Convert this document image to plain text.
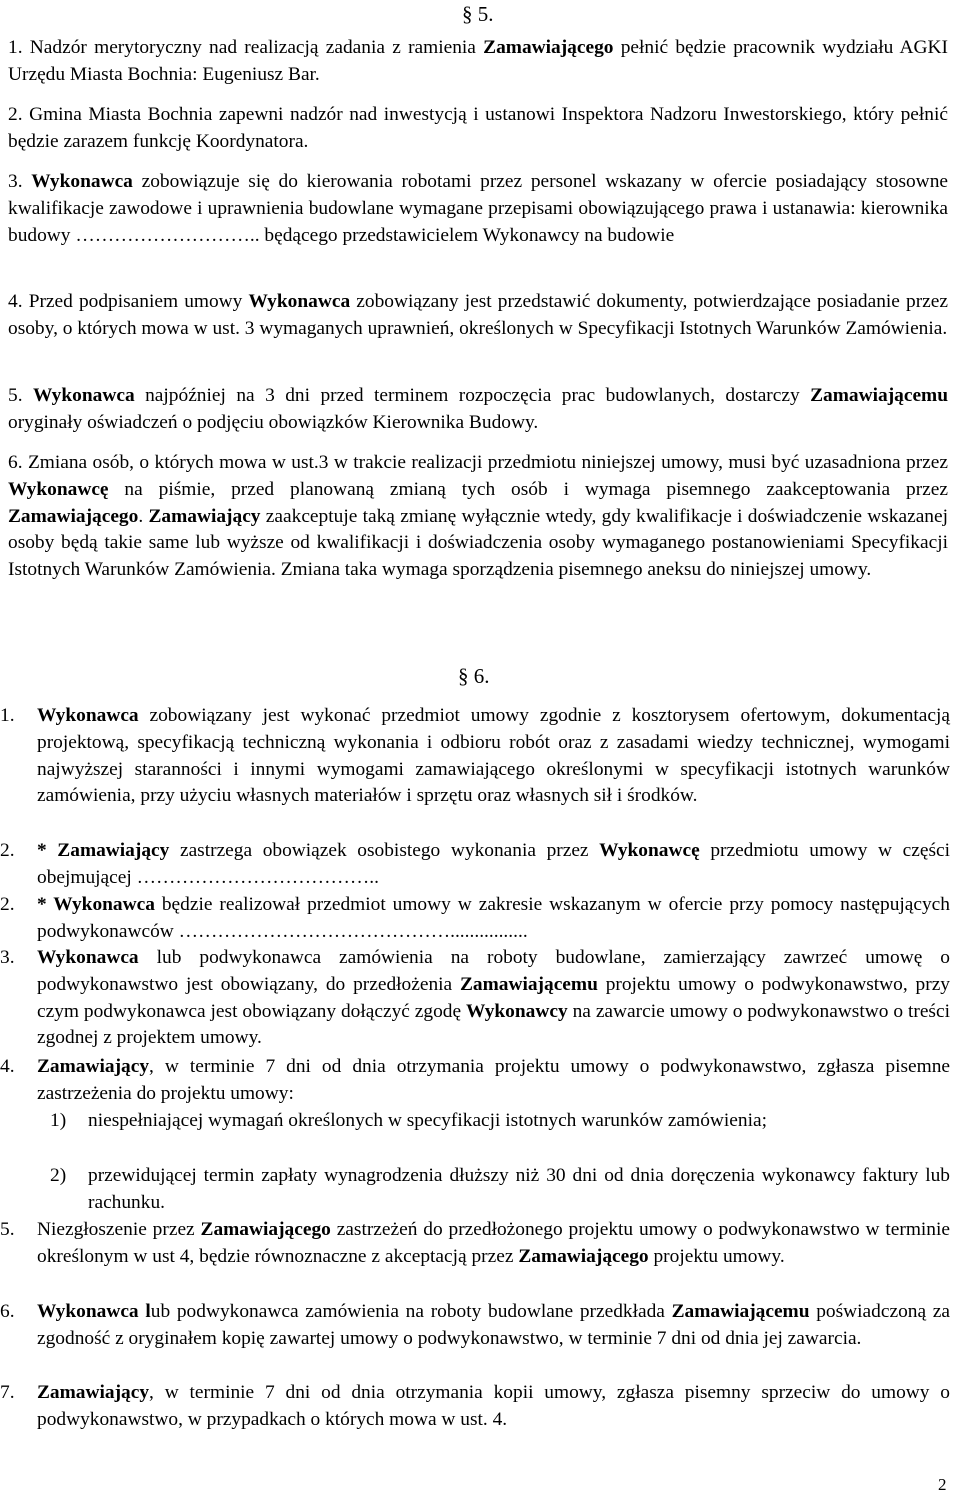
§ 5.
1. Nadzór merytoryczny nad realizacją zadania z ramienia Zamawiającego pełnić będzie pracownik wydziału AGKI Urzędu Miasta Bochnia: Eugeniusz Bar.
2. Gmina Miasta Bochnia zapewni nadzór nad inwestycją i ustanowi Inspektora Nadzoru Inwestorskiego, który pełnić będzie zarazem funkcję Koordynatora.
3. Wykonawca zobowiązuje się do kierowania robotami przez personel wskazany w ofercie posiadający stosowne kwalifikacje zawodowe i uprawnienia budowlane wymagane przepisami obowiązującego prawa i ustanawia: kierownika budowy ……………………….. będącego przedstawicielem Wykonawcy na budowie
4. Przed podpisaniem umowy Wykonawca zobowiązany jest przedstawić dokumenty, potwierdzające posiadanie przez osoby, o których mowa w ust. 3 wymaganych uprawnień, określonych w Specyfikacji Istotnych Warunków Zamówienia.
5. Wykonawca najpóźniej na 3 dni przed terminem rozpoczęcia prac budowlanych, dostarczy Zamawiającemu oryginały oświadczeń o podjęciu obowiązków Kierownika Budowy.
6. Zmiana osób, o których mowa w ust.3 w trakcie realizacji przedmiotu niniejszej umowy, musi być uzasadniona przez Wykonawcę na piśmie, przed planowaną zmianą tych osób i wymaga pisemnego zaakceptowania przez Zamawiającego. Zamawiający zaakceptuje taką zmianę wyłącznie wtedy, gdy kwalifikacje i doświadczenie wskazanej osoby będą takie same lub wyższe od kwalifikacji i doświadczenia osoby wymaganego postanowieniami Specyfikacji Istotnych Warunków Zamówienia. Zmiana taka wymaga sporządzenia pisemnego aneksu do niniejszej umowy.
§ 6.
1. Wykonawca zobowiązany jest wykonać przedmiot umowy zgodnie z kosztorysem ofertowym, dokumentacją projektową, specyfikacją techniczną wykonania i odbioru robót oraz z zasadami wiedzy technicznej, wymogami najwyższej staranności i innymi wymogami zamawiającego określonymi w specyfikacji istotnych warunków zamówienia, przy użyciu własnych materiałów i sprzętu oraz własnych sił i środków.
2. * Zamawiający zastrzega obowiązek osobistego wykonania przez Wykonawcę przedmiotu umowy w części obejmującej ………………………………..
2. * Wykonawca będzie realizował przedmiot umowy w zakresie wskazanym w ofercie przy pomocy następujących podwykonawców ……………………………………................
3. Wykonawca lub podwykonawca zamówienia na roboty budowlane, zamierzający zawrzeć umowę o podwykonawstwo jest obowiązany, do przedłożenia Zamawiającemu projektu umowy o podwykonawstwo, przy czym podwykonawca jest obowiązany dołączyć zgodę Wykonawcy na zawarcie umowy o podwykonawstwo o treści zgodnej z projektem umowy.
4. Zamawiający, w terminie 7 dni od dnia otrzymania projektu umowy o podwykonawstwo, zgłasza pisemne zastrzeżenia do projektu umowy:
1) niespełniającej wymagań określonych w specyfikacji istotnych warunków zamówienia;
2) przewidującej termin zapłaty wynagrodzenia dłuższy niż 30 dni od dnia doręczenia wykonawcy faktury lub rachunku.
5. Niezgłoszenie przez Zamawiającego zastrzeżeń do przedłożonego projektu umowy o podwykonawstwo w terminie określonym w ust 4, będzie równoznaczne z akceptacją przez Zamawiającego projektu umowy.
6. Wykonawca lub podwykonawca zamówienia na roboty budowlane przedkłada Zamawiającemu poświadczoną za zgodność z oryginałem kopię zawartej umowy o podwykonawstwo, w terminie 7 dni od dnia jej zawarcia.
7. Zamawiający, w terminie 7 dni od dnia otrzymania kopii umowy, zgłasza pisemny sprzeciw do umowy o podwykonawstwo, w przypadkach o których mowa w ust. 4.
2
